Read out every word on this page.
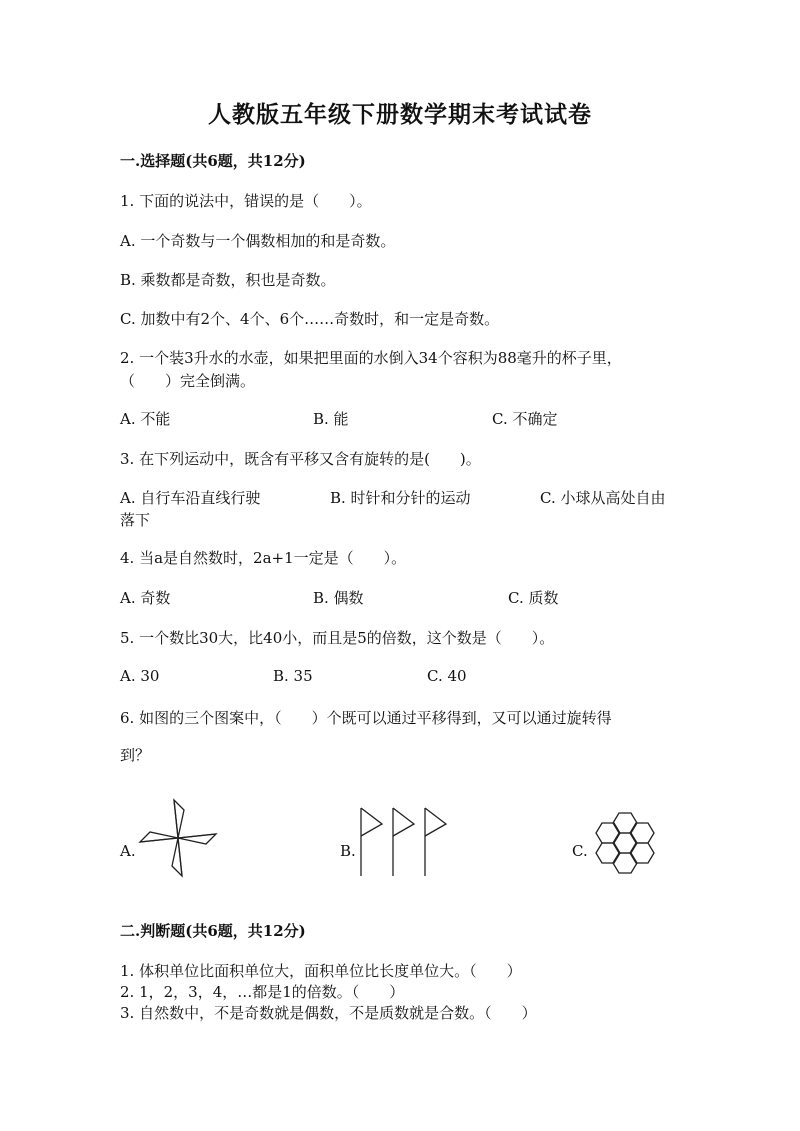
人教版五年级下册数学期末考试试卷
一.选择题(共6题，共12分)
1. 下面的说法中，错误的是（　　）。
A. 一个奇数与一个偶数相加的和是奇数。
B. 乘数都是奇数，积也是奇数。
C. 加数中有2个、4个、6个……奇数时，和一定是奇数。
2. 一个装3升水的水壶，如果把里面的水倒入34个容积为88毫升的杯子里，
（　　）完全倒满。
A. 不能	B. 能	C. 不确定
3. 在下列运动中，既含有平移又含有旋转的是(　　)。
A. 自行车沿直线行驶	B. 时针和分针的运动	C. 小球从高处自由
落下
4. 当a是自然数时，2a+1一定是（　　）。
A. 奇数	B. 偶数	C. 质数
5. 一个数比30大，比40小，而且是5的倍数，这个数是（　　）。
A. 30	B. 35	C. 40
6. 如图的三个图案中，（　　）个既可以通过平移得到，又可以通过旋转得
到？
A.	B.	C.
二.判断题(共6题，共12分)
1. 体积单位比面积单位大，面积单位比长度单位大。（　　）
2. 1，2，3，4，…都是1的倍数。（　　）
3. 自然数中，不是奇数就是偶数，不是质数就是合数。（　　）
